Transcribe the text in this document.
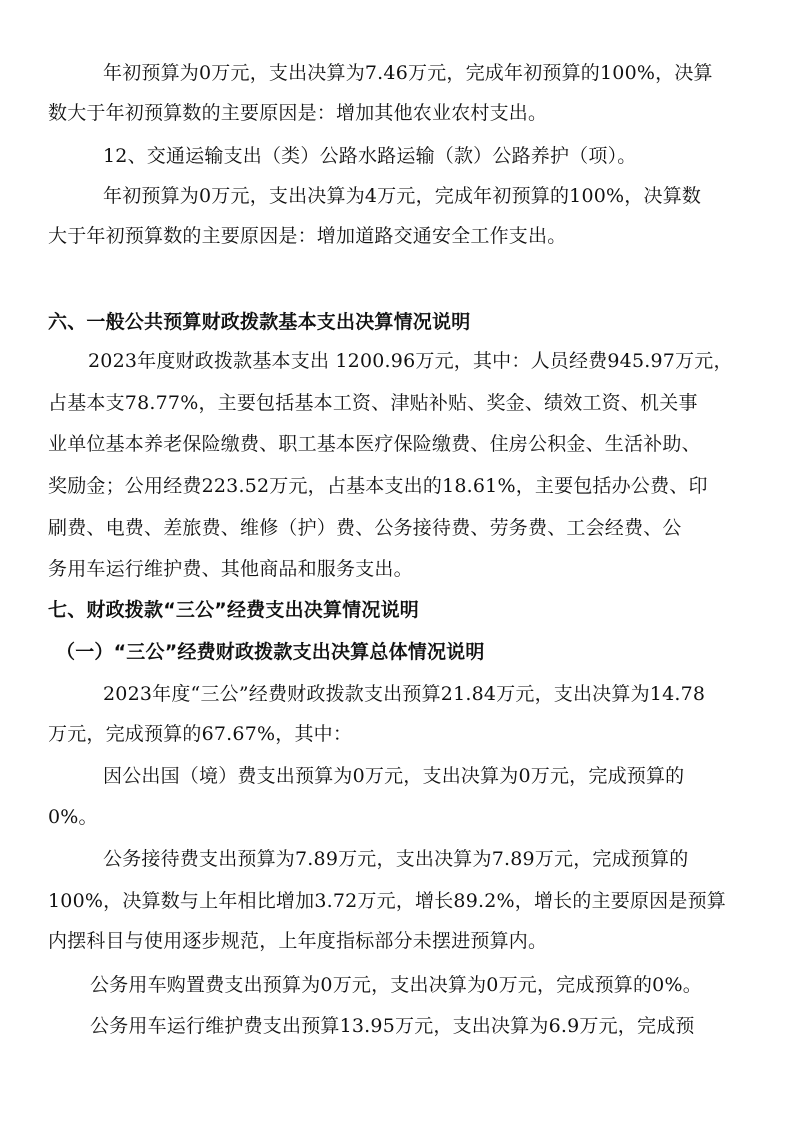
年初预算为0万元，支出决算为7.46万元，完成年初预算的100%，决算
数大于年初预算数的主要原因是：增加其他农业农村支出。
12、交通运输支出（类）公路水路运输（款）公路养护（项）。
年初预算为0万元，支出决算为4万元，完成年初预算的100%，决算数
大于年初预算数的主要原因是：增加道路交通安全工作支出。
六、一般公共预算财政拨款基本支出决算情况说明
2023年度财政拨款基本支出 1200.96万元，其中：人员经费945.97万元，
占基本支78.77%，主要包括基本工资、津贴补贴、奖金、绩效工资、机关事
业单位基本养老保险缴费、职工基本医疗保险缴费、住房公积金、生活补助、
奖励金；公用经费223.52万元，占基本支出的18.61%，主要包括办公费、印
刷费、电费、差旅费、维修（护）费、公务接待费、劳务费、工会经费、公
务用车运行维护费、其他商品和服务支出。
七、财政拨款“三公”经费支出决算情况说明
（一）“三公”经费财政拨款支出决算总体情况说明
2023年度“三公”经费财政拨款支出预算21.84万元，支出决算为14.78
万元，完成预算的67.67%，其中：
因公出国（境）费支出预算为0万元，支出决算为0万元，完成预算的
0%。
公务接待费支出预算为7.89万元，支出决算为7.89万元，完成预算的
100%，决算数与上年相比增加3.72万元，增长89.2%，增长的主要原因是预算
内摆科目与使用逐步规范，上年度指标部分未摆进预算内。
公务用车购置费支出预算为0万元，支出决算为0万元，完成预算的0%。
公务用车运行维护费支出预算13.95万元，支出决算为6.9万元，完成预
